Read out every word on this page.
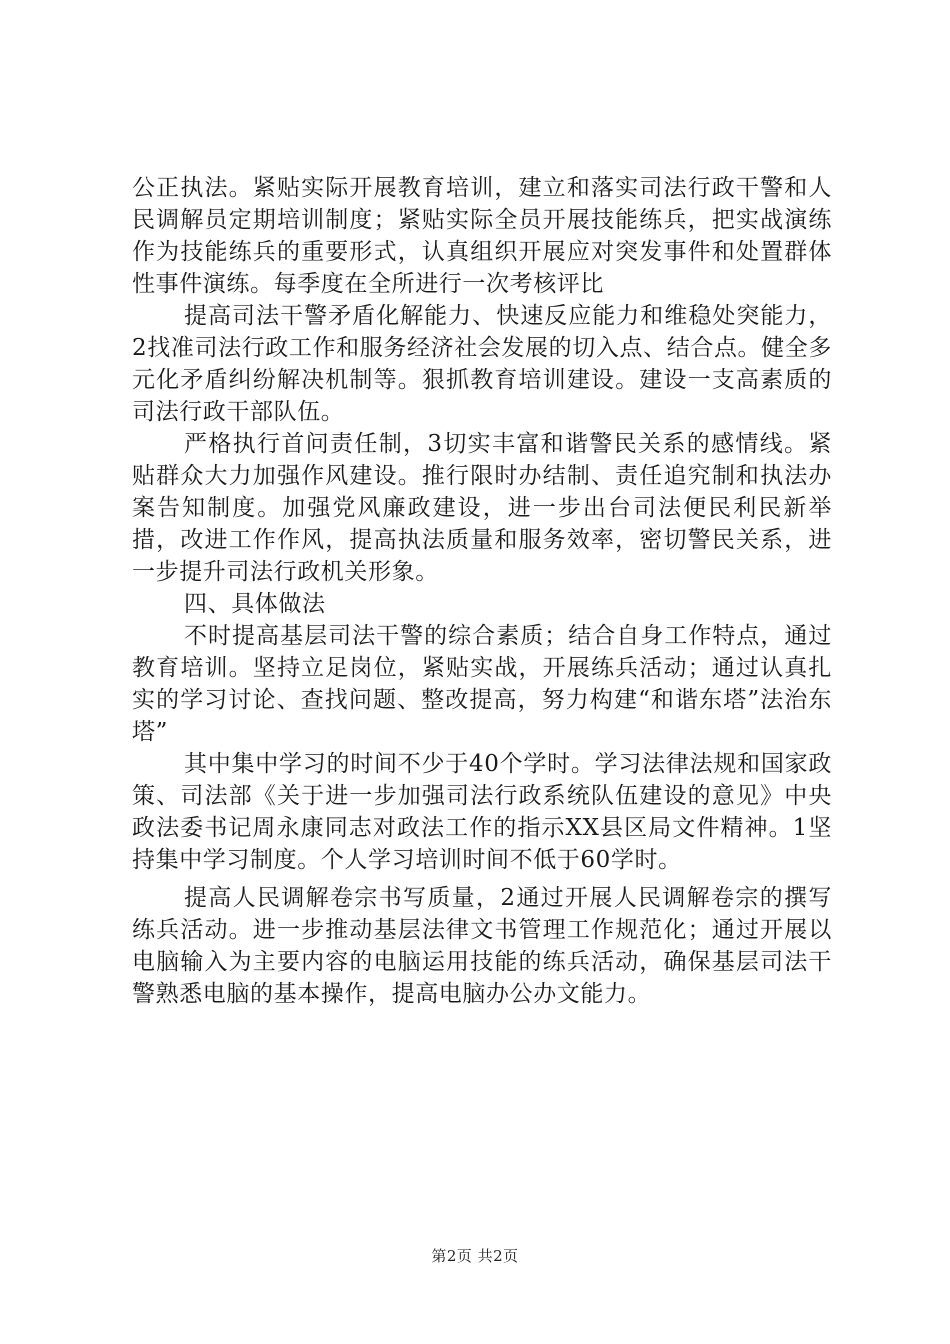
公正执法。紧贴实际开展教育培训，建立和落实司法行政干警和人民调解员定期培训制度；紧贴实际全员开展技能练兵，把实战演练作为技能练兵的重要形式，认真组织开展应对突发事件和处置群体性事件演练。每季度在全所进行一次考核评比

提高司法干警矛盾化解能力、快速反应能力和维稳处突能力，2找准司法行政工作和服务经济社会发展的切入点、结合点。健全多元化矛盾纠纷解决机制等。狠抓教育培训建设。建设一支高素质的司法行政干部队伍。

严格执行首问责任制，3切实丰富和谐警民关系的感情线。紧贴群众大力加强作风建设。推行限时办结制、责任追究制和执法办案告知制度。加强党风廉政建设，进一步出台司法便民利民新举措，改进工作作风，提高执法质量和服务效率，密切警民关系，进一步提升司法行政机关形象。

四、具体做法

不时提高基层司法干警的综合素质；结合自身工作特点，通过教育培训。坚持立足岗位，紧贴实战，开展练兵活动；通过认真扎实的学习讨论、查找问题、整改提高，努力构建“和谐东塔”法治东塔”

其中集中学习的时间不少于40个学时。学习法律法规和国家政策、司法部《关于进一步加强司法行政系统队伍建设的意见》中央政法委书记周永康同志对政法工作的指示XX县区局文件精神。1坚持集中学习制度。个人学习培训时间不低于60学时。

提高人民调解卷宗书写质量，2通过开展人民调解卷宗的撰写练兵活动。进一步推动基层法律文书管理工作规范化；通过开展以电脑输入为主要内容的电脑运用技能的练兵活动，确保基层司法干警熟悉电脑的基本操作，提高电脑办公办文能力。

第2页 共2页
